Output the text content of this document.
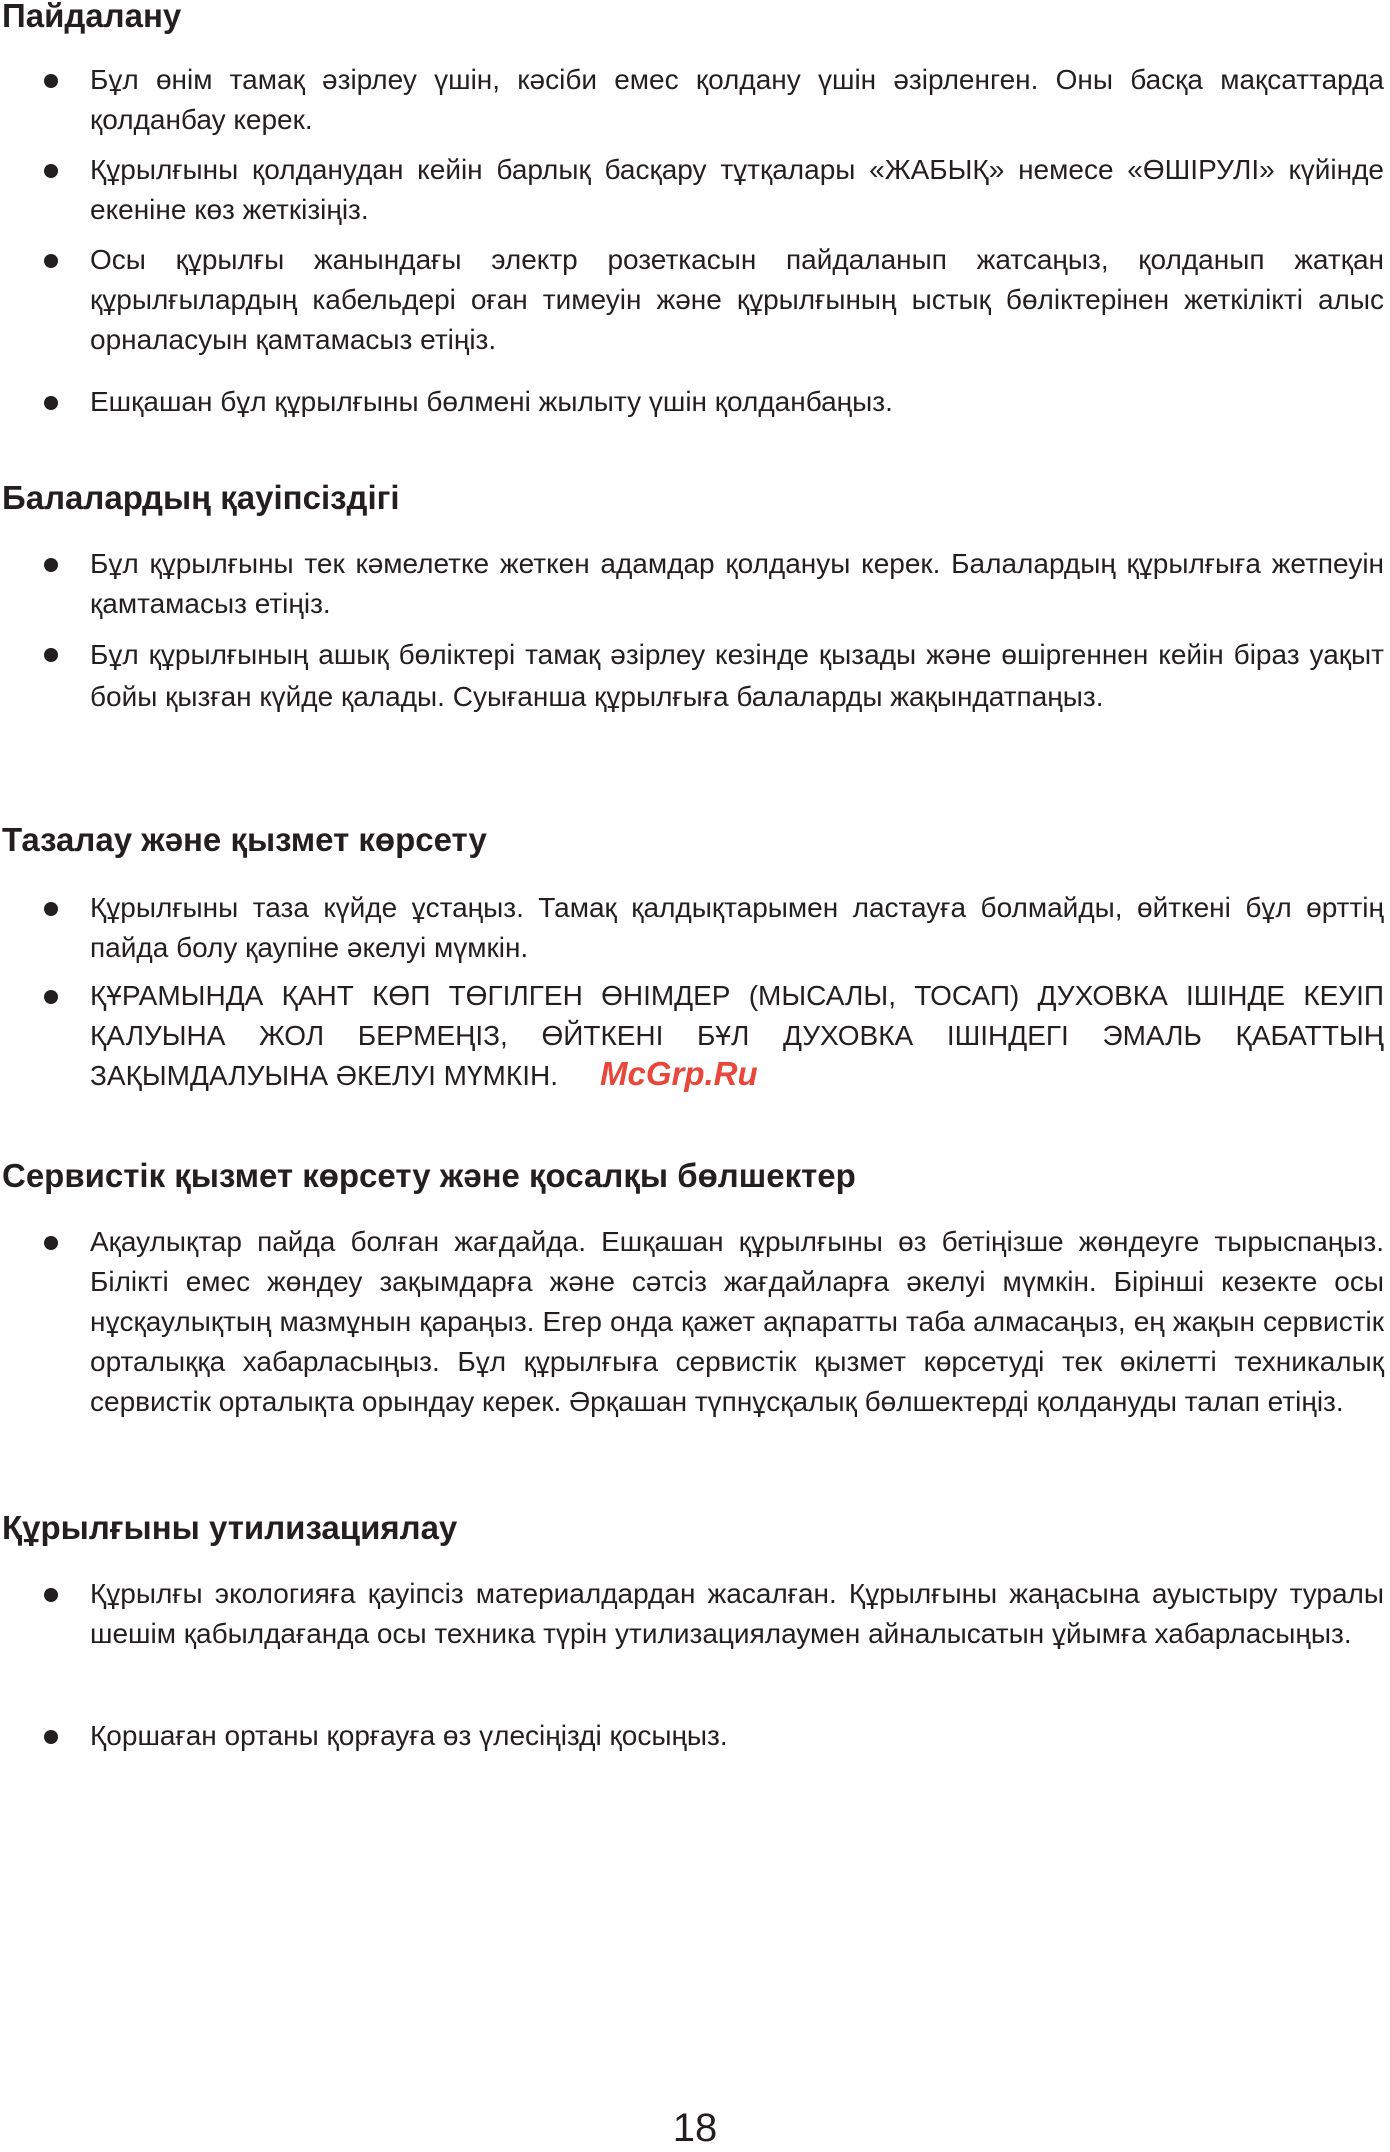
Пайдалану

Бұл өнім тамақ әзірлеу үшін, кәсіби емес қолдану үшін әзірленген. Оны басқа мақсаттарда қолданбау керек.

Құрылғыны қолданудан кейін барлық басқару тұтқалары «ЖАБЫҚ» немесе «ӨШІРУЛІ» күйінде екеніне көз жеткізіңіз.

Осы құрылғы жанындағы электр розеткасын пайдаланып жатсаңыз, қолданып жатқан құрылғылардың кабельдері оған тимеуін және құрылғының ыстық бөліктерінен жеткілікті алыс орналасуын қамтамасыз етіңіз.

Ешқашан бұл құрылғыны бөлмені жылыту үшін қолданбаңыз.

Балалардың қауіпсіздігі

Бұл құрылғыны тек кәмелетке жеткен адамдар қолдануы керек. Балалардың құрылғыға жетпеуін қамтамасыз етіңіз.

Бұл құрылғының ашық бөліктері тамақ әзірлеу кезінде қызады және өшіргеннен кейін біраз уақыт бойы қызған күйде қалады. Суығанша құрылғыға балаларды жақындатпаңыз.

Тазалау және қызмет көрсету

Құрылғыны таза күйде ұстаңыз. Тамақ қалдықтарымен ластауға болмайды, өйткені бұл өрттің пайда болу қаупіне әкелуі мүмкін.

ҚҰРАМЫНДА ҚАНТ КӨП ТӨГІЛГЕН ӨНІМДЕР (МЫСАЛЫ, ТОСАП) ДУХОВКА ІШІНДЕ КЕУІП ҚАЛУЫНА ЖОЛ БЕРМЕҢІЗ, ӨЙТКЕНІ БҰЛ ДУХОВКА ІШІНДЕГІ ЭМАЛЬ ҚАБАТТЫҢ ЗАҚЫМДАЛУЫНА ӘКЕЛУІ МҮМКІН.

Сервистік қызмет көрсету және қосалқы бөлшектер

Ақаулықтар пайда болған жағдайда. Ешқашан құрылғыны өз бетіңізше жөндеуге тырыспаңыз. Білікті емес жөндеу зақымдарға және сәтсіз жағдайларға әкелуі мүмкін. Бірінші кезекте осы нұсқаулықтың мазмұнын қараңыз. Егер онда қажет ақпаратты таба алмасаңыз, ең жақын сервистік орталыққа хабарласыңыз. Бұл құрылғыға сервистік қызмет көрсетуді тек өкілетті техникалық сервистік орталықта орындау керек. Әрқашан түпнұсқалық бөлшектерді қолдануды талап етіңіз.

Құрылғыны утилизациялау

Құрылғы экологияға қауіпсіз материалдардан жасалған. Құрылғыны жаңасына ауыстыру туралы шешім қабылдағанда осы техника түрін утилизациялаумен айналысатын ұйымға хабарласыңыз.

Қоршаған ортаны қорғауға өз үлесіңізді қосыңыз.

McGrp.Ru
18
